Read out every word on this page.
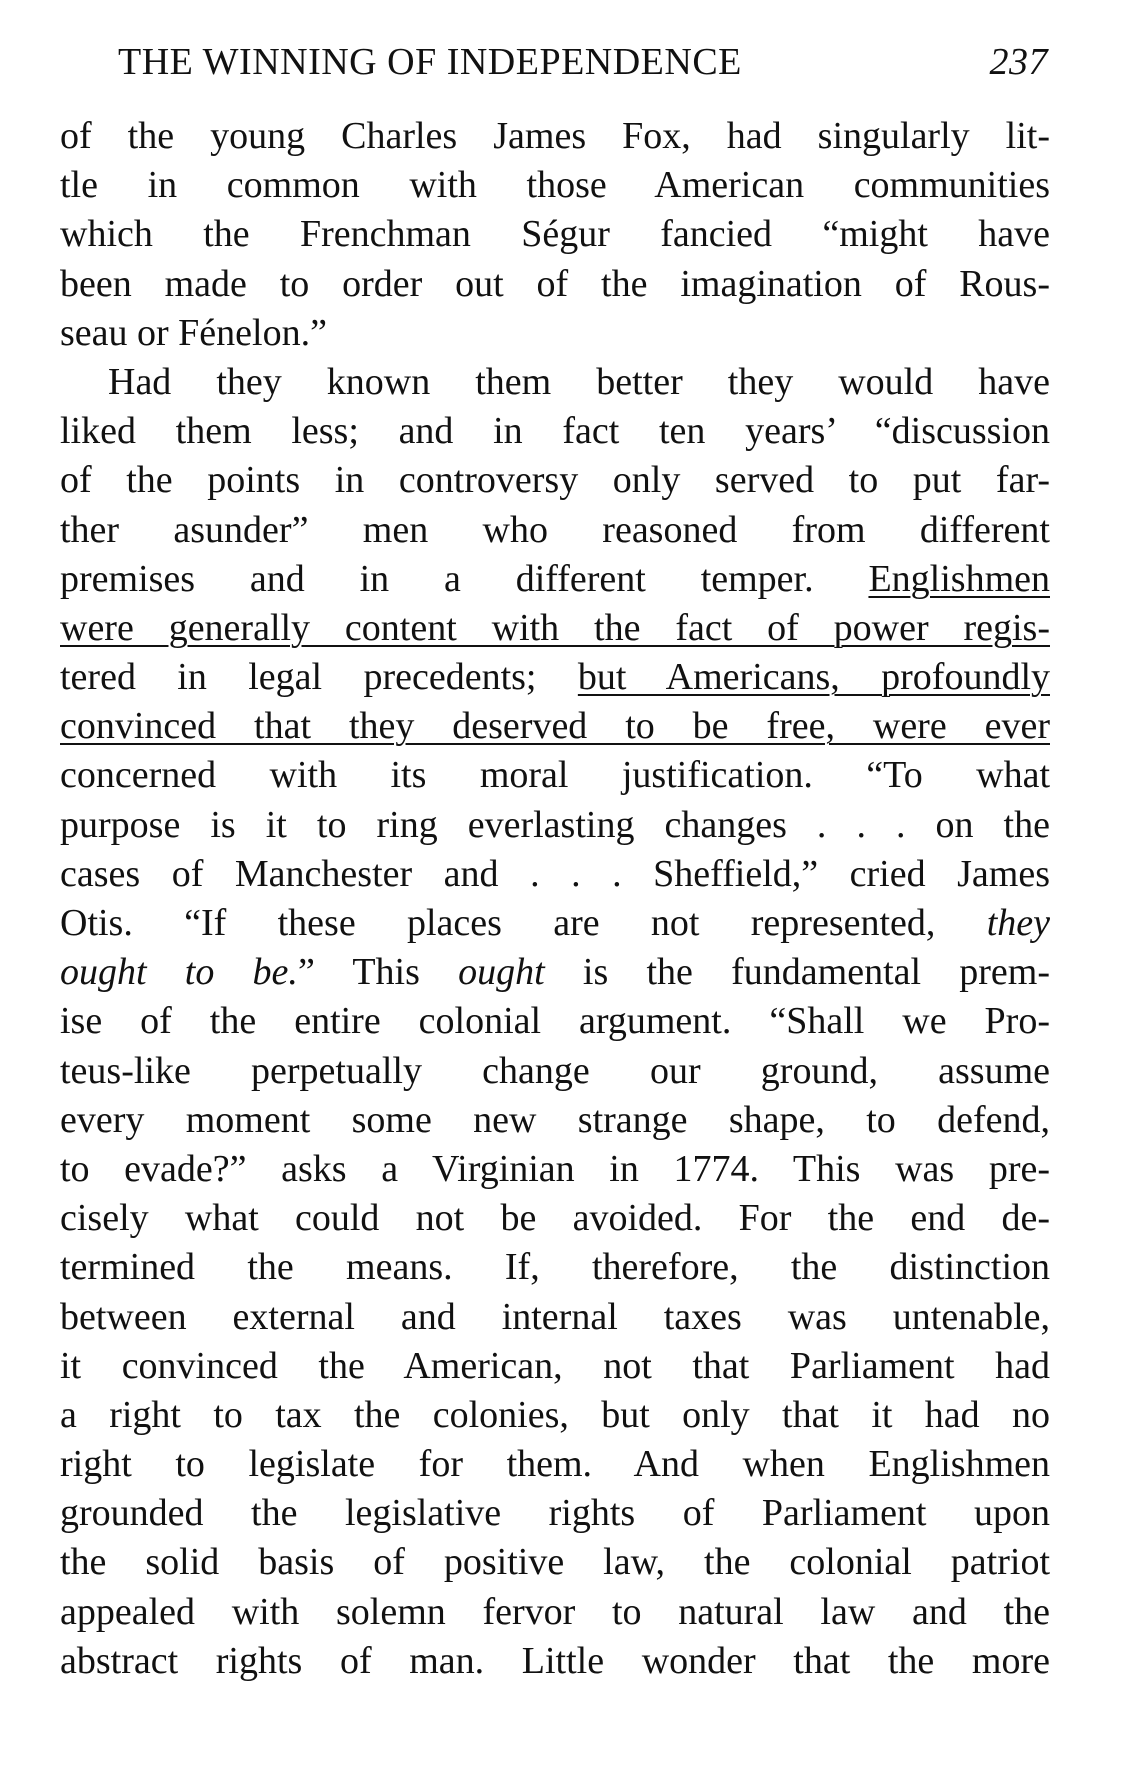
THE WINNING OF INDEPENDENCE	237
of the young Charles James Fox, had singularly lit-
tle in common with those American communities
which the Frenchman Ségur fancied “might have
been made to order out of the imagination of Rous-
seau or Fénelon.”
Had they known them better they would have
liked them less; and in fact ten years’ “discussion
of the points in controversy only served to put far-
ther asunder” men who reasoned from different
premises and in a different temper. Englishmen
were generally content with the fact of power regis-
tered in legal precedents; but Americans, profoundly
convinced that they deserved to be free, were ever
concerned with its moral justification. “To what
purpose is it to ring everlasting changes . . . on the
cases of Manchester and . . . Sheffield,” cried James
Otis. “If these places are not represented, they
ought to be.” This ought is the fundamental prem-
ise of the entire colonial argument. “Shall we Pro-
teus-like perpetually change our ground, assume
every moment some new strange shape, to defend,
to evade?” asks a Virginian in 1774. This was pre-
cisely what could not be avoided. For the end de-
termined the means. If, therefore, the distinction
between external and internal taxes was untenable,
it convinced the American, not that Parliament had
a right to tax the colonies, but only that it had no
right to legislate for them. And when Englishmen
grounded the legislative rights of Parliament upon
the solid basis of positive law, the colonial patriot
appealed with solemn fervor to natural law and the
abstract rights of man. Little wonder that the more
